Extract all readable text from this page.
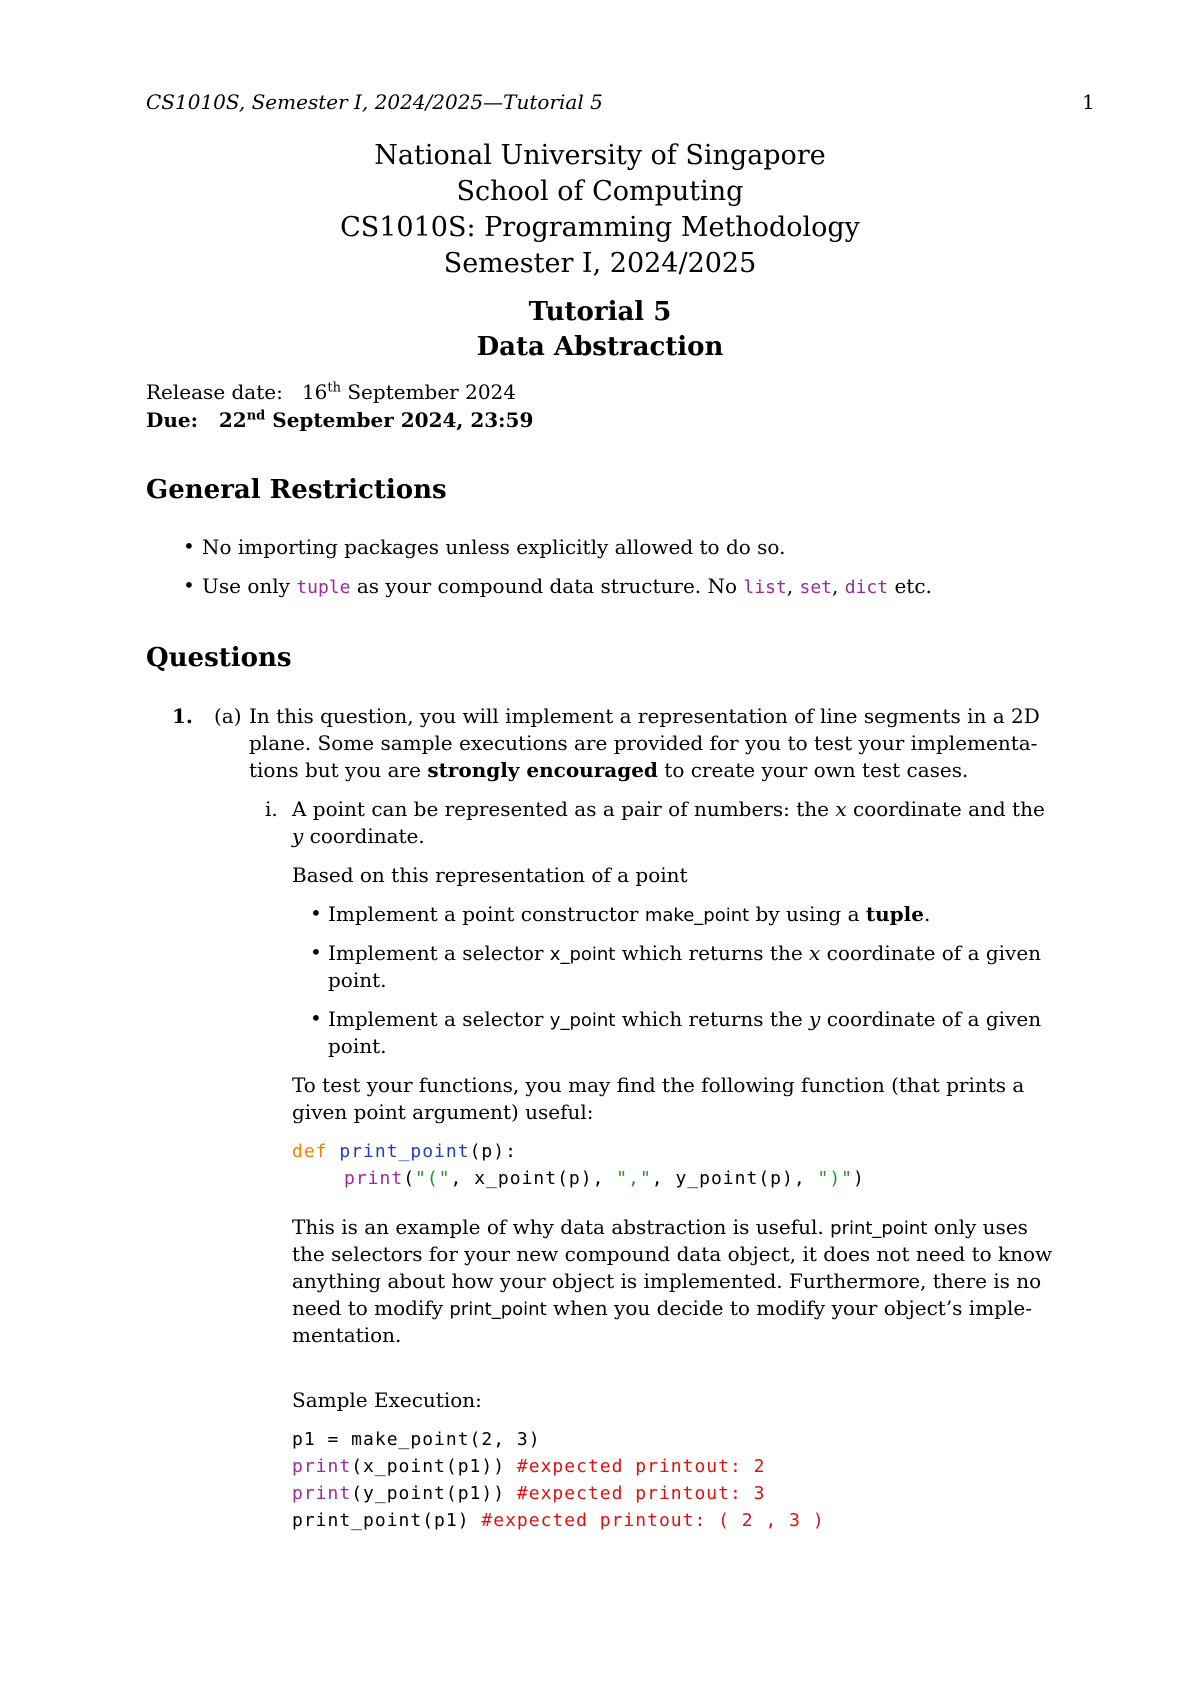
CS1010S, Semester I, 2024/2025—Tutorial 5	1
National University of Singapore
School of Computing
CS1010S: Programming Methodology
Semester I, 2024/2025
Tutorial 5
Data Abstraction
Release date: 16th September 2024
Due: 22nd September 2024, 23:59
General Restrictions
• No importing packages unless explicitly allowed to do so.
• Use only tuple as your compound data structure. No list, set, dict etc.
Questions
1. (a) In this question, you will implement a representation of line segments in a 2D
plane. Some sample executions are provided for you to test your implementa-
tions but you are strongly encouraged to create your own test cases.
i. A point can be represented as a pair of numbers: the x coordinate and the
y coordinate.
Based on this representation of a point
• Implement a point constructor make_point by using a tuple.
• Implement a selector x_point which returns the x coordinate of a given
point.
• Implement a selector y_point which returns the y coordinate of a given
point.
To test your functions, you may find the following function (that prints a
given point argument) useful:
def print_point(p):
print("(", x_point(p), ",", y_point(p), ")")
This is an example of why data abstraction is useful. print_point only uses
the selectors for your new compound data object, it does not need to know
anything about how your object is implemented. Furthermore, there is no
need to modify print_point when you decide to modify your object’s imple-
mentation.
Sample Execution:
p1 = make_point(2, 3)
print(x_point(p1)) #expected printout: 2
print(y_point(p1)) #expected printout: 3
print_point(p1) #expected printout: ( 2 , 3 )
